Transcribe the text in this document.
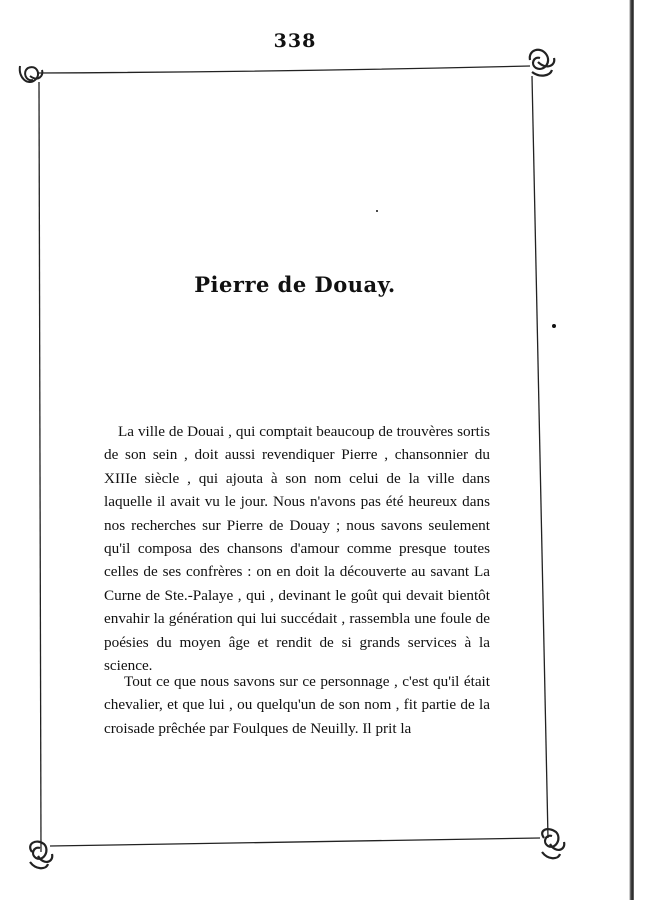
338
Pierre de Douay.

La ville de Douai , qui comptait beaucoup de trouvères sortis de son sein , doit aussi revendiquer Pierre , chansonnier du XIIIe siècle , qui ajouta à son nom celui de la ville dans laquelle il avait vu le jour. Nous n'avons pas été heureux dans nos recherches sur Pierre de Douay ; nous savons seulement qu'il composa des chansons d'amour comme presque toutes celles de ses confrères : on en doit la découverte au savant La Curne de Ste.-Palaye , qui , devinant le goût qui devait bientôt envahir la génération qui lui succédait , rassembla une foule de poésies du moyen âge et rendit de si grands services à la science.

Tout ce que nous savons sur ce personnage , c'est qu'il était chevalier, et que lui , ou quelqu'un de son nom , fit partie de la croisade prêchée par Foulques de Neuilly. Il prit la
